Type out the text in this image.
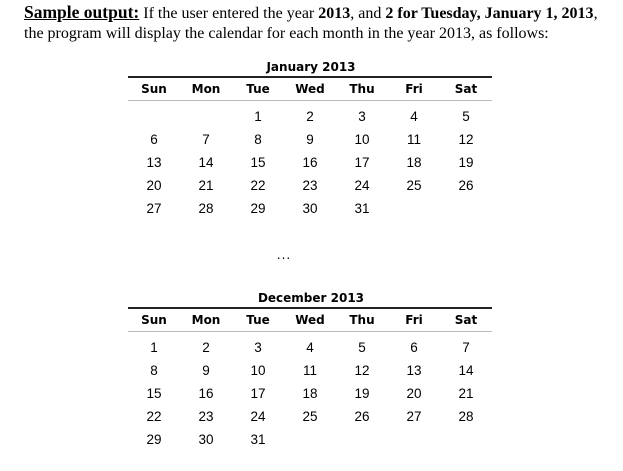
Sample output: If the user entered the year 2013, and 2 for Tuesday, January 1, 2013, the program will display the calendar for each month in the year 2013, as follows:

January 2013
Sun	Mon	Tue	Wed	Thu	Fri	Sat
		1	2	3	4	5
6	7	8	9	10	11	12
13	14	15	16	17	18	19
20	21	22	23	24	25	26
27	28	29	30	31		
...
December 2013
Sun	Mon	Tue	Wed	Thu	Fri	Sat
1	2	3	4	5	6	7
8	9	10	11	12	13	14
15	16	17	18	19	20	21
22	23	24	25	26	27	28
29	30	31				
